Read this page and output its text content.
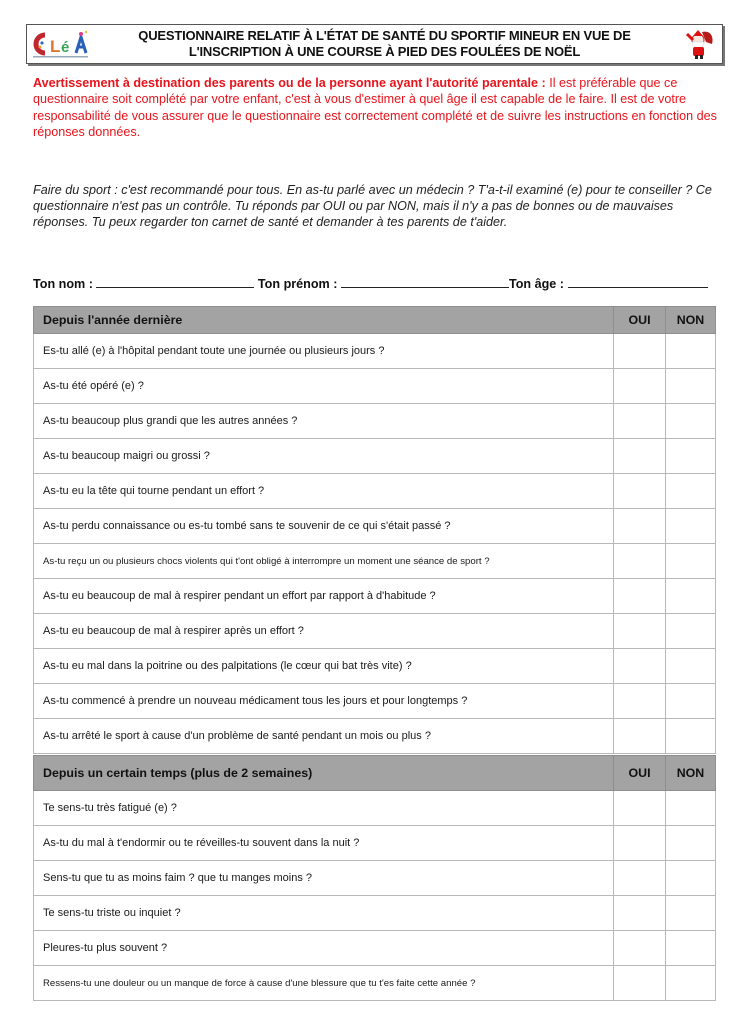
L é
QUESTIONNAIRE RELATIF À L'ÉTAT DE SANTÉ DU SPORTIF MINEUR EN VUE DE
L'INSCRIPTION À UNE COURSE À PIED DES FOULÉES DE NOËL
Avertissement à destination des parents ou de la personne ayant l'autorité parentale : Il est préférable que ce questionnaire soit complété par votre enfant, c'est à vous d'estimer à quel âge il est capable de le faire. Il est de votre responsabilité de vous assurer que le questionnaire est correctement complété et de suivre les instructions en fonction des réponses données.
Faire du sport : c'est recommandé pour tous. En as-tu parlé avec un médecin ? T'a-t-il examiné (e) pour te conseiller ? Ce questionnaire n'est pas un contrôle. Tu réponds par OUI ou par NON, mais il n'y a pas de bonnes ou de mauvaises réponses. Tu peux regarder ton carnet de santé et demander à tes parents de t'aider.
Ton nom :	Ton prénom :	Ton âge :
Depuis l'année dernière	OUI	NON
Es-tu allé (e) à l'hôpital pendant toute une journée ou plusieurs jours ?		
As-tu été opéré (e) ?		
As-tu beaucoup plus grandi que les autres années ?		
As-tu beaucoup maigri ou grossi ?		
As-tu eu la tête qui tourne pendant un effort ?		
As-tu perdu connaissance ou es-tu tombé sans te souvenir de ce qui s'était passé ?		
As-tu reçu un ou plusieurs chocs violents qui t'ont obligé à interrompre un moment une séance de sport ?		
As-tu eu beaucoup de mal à respirer pendant un effort par rapport à d'habitude ?		
As-tu eu beaucoup de mal à respirer après un effort ?		
As-tu eu mal dans la poitrine ou des palpitations (le cœur qui bat très vite) ?		
As-tu commencé à prendre un nouveau médicament tous les jours et pour longtemps ?		
As-tu arrêté le sport à cause d'un problème de santé pendant un mois ou plus ?		
Depuis un certain temps (plus de 2 semaines)	OUI	NON
Te sens-tu très fatigué (e) ?		
As-tu du mal à t'endormir ou te réveilles-tu souvent dans la nuit ?		
Sens-tu que tu as moins faim ? que tu manges moins ?		
Te sens-tu triste ou inquiet ?		
Pleures-tu plus souvent ?		
Ressens-tu une douleur ou un manque de force à cause d'une blessure que tu t'es faite cette année ?		
